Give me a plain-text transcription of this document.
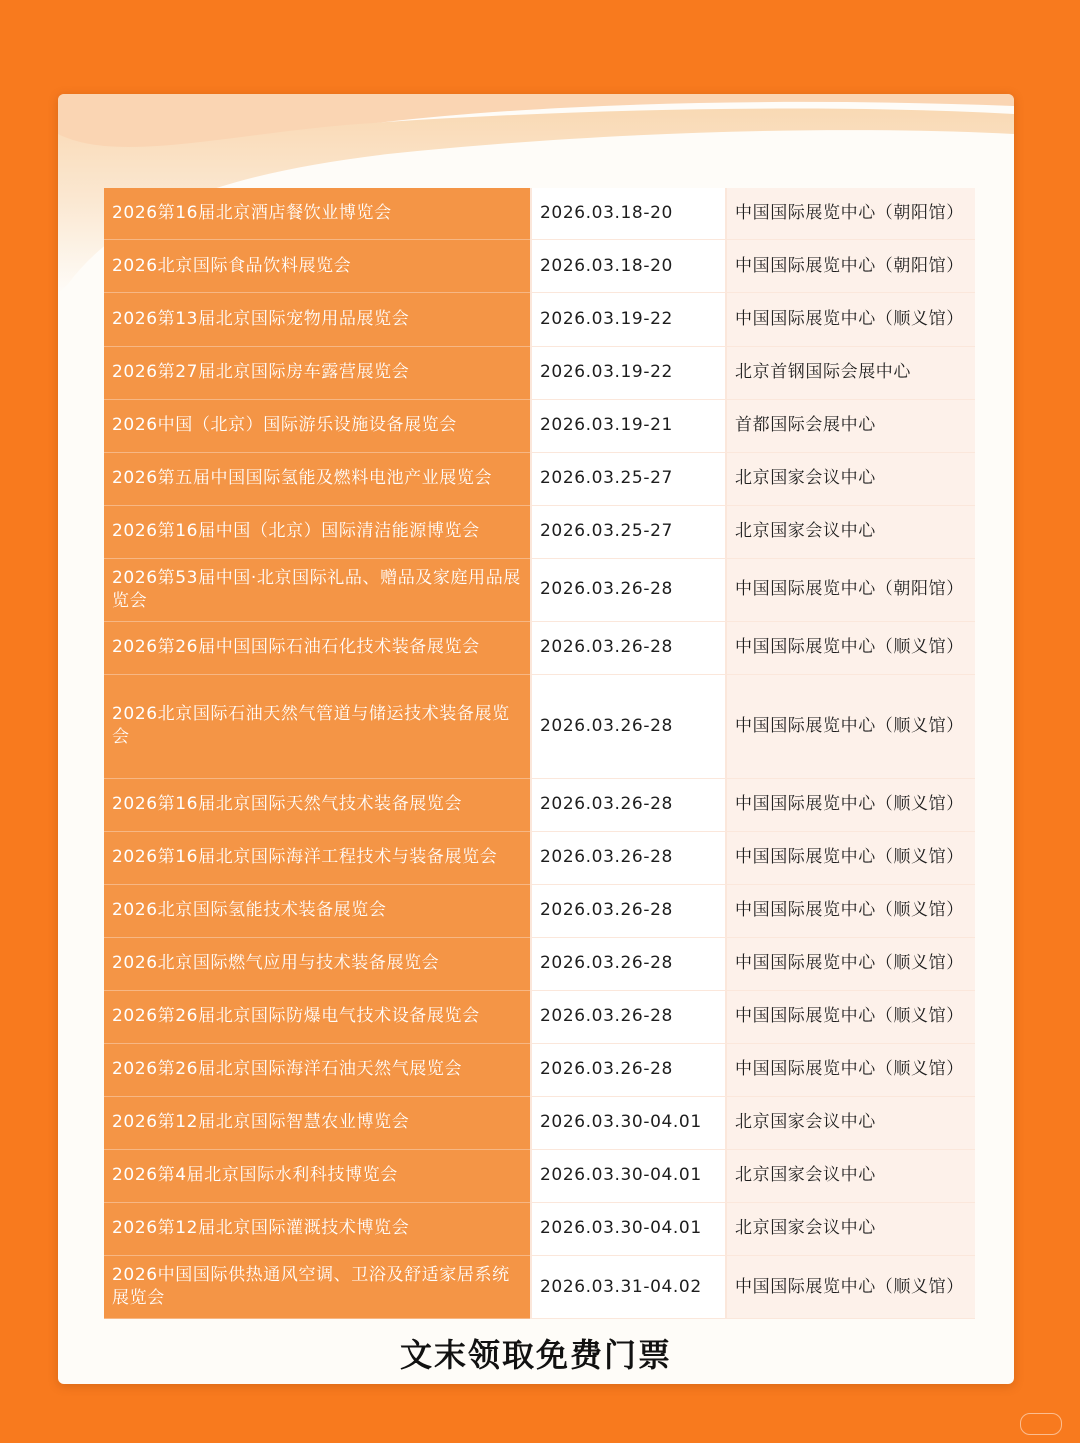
2026第16届北京酒店餐饮业博览会	2026.03.18-20	中国国际展览中心（朝阳馆）
2026北京国际食品饮料展览会	2026.03.18-20	中国国际展览中心（朝阳馆）
2026第13届北京国际宠物用品展览会	2026.03.19-22	中国国际展览中心（顺义馆）
2026第27届北京国际房车露营展览会	2026.03.19-22	北京首钢国际会展中心
2026中国（北京）国际游乐设施设备展览会	2026.03.19-21	首都国际会展中心
2026第五届中国国际氢能及燃料电池产业展览会	2026.03.25-27	北京国家会议中心
2026第16届中国（北京）国际清洁能源博览会	2026.03.25-27	北京国家会议中心
2026第53届中国·北京国际礼品、赠品及家庭用品展览会	2026.03.26-28	中国国际展览中心（朝阳馆）
2026第26届中国国际石油石化技术装备展览会	2026.03.26-28	中国国际展览中心（顺义馆）
2026北京国际石油天然气管道与储运技术装备展览会	2026.03.26-28	中国国际展览中心（顺义馆）
2026第16届北京国际天然气技术装备展览会	2026.03.26-28	中国国际展览中心（顺义馆）
2026第16届北京国际海洋工程技术与装备展览会	2026.03.26-28	中国国际展览中心（顺义馆）
2026北京国际氢能技术装备展览会	2026.03.26-28	中国国际展览中心（顺义馆）
2026北京国际燃气应用与技术装备展览会	2026.03.26-28	中国国际展览中心（顺义馆）
2026第26届北京国际防爆电气技术设备展览会	2026.03.26-28	中国国际展览中心（顺义馆）
2026第26届北京国际海洋石油天然气展览会	2026.03.26-28	中国国际展览中心（顺义馆）
2026第12届北京国际智慧农业博览会	2026.03.30-04.01	北京国家会议中心
2026第4届北京国际水利科技博览会	2026.03.30-04.01	北京国家会议中心
2026第12届北京国际灌溉技术博览会	2026.03.30-04.01	北京国家会议中心
2026中国国际供热通风空调、卫浴及舒适家居系统展览会	2026.03.31-04.02	中国国际展览中心（顺义馆）
文末领取免费门票
